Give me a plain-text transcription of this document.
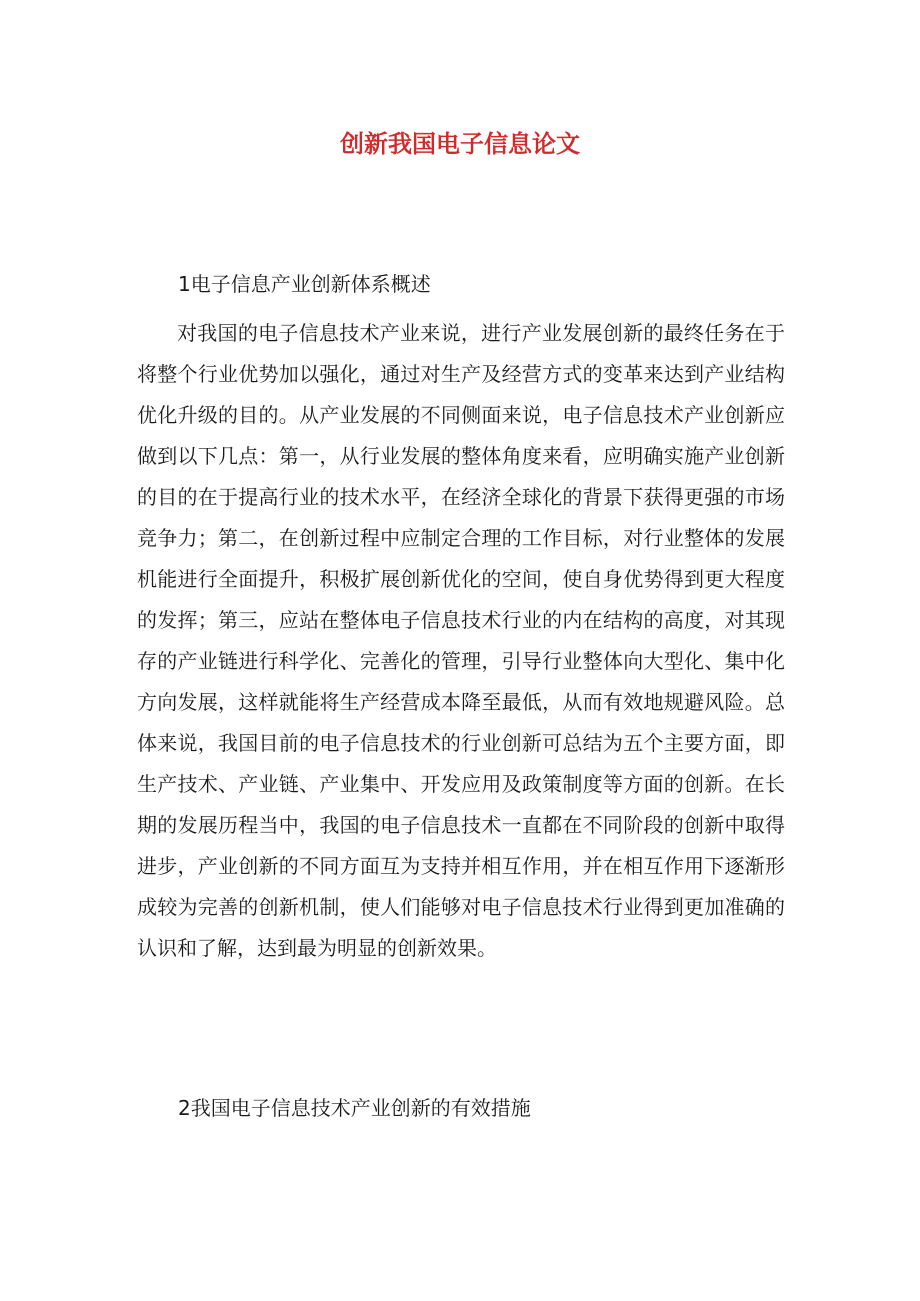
创新我国电子信息论文

1电子信息产业创新体系概述

对我国的电子信息技术产业来说，进行产业发展创新的最终任务在于将整个行业优势加以强化，通过对生产及经营方式的变革来达到产业结构优化升级的目的。从产业发展的不同侧面来说，电子信息技术产业创新应做到以下几点：第一，从行业发展的整体角度来看，应明确实施产业创新的目的在于提高行业的技术水平，在经济全球化的背景下获得更强的市场竞争力；第二，在创新过程中应制定合理的工作目标，对行业整体的发展机能进行全面提升，积极扩展创新优化的空间，使自身优势得到更大程度的发挥；第三，应站在整体电子信息技术行业的内在结构的高度，对其现存的产业链进行科学化、完善化的管理，引导行业整体向大型化、集中化方向发展，这样就能将生产经营成本降至最低，从而有效地规避风险。总体来说，我国目前的电子信息技术的行业创新可总结为五个主要方面，即生产技术、产业链、产业集中、开发应用及政策制度等方面的创新。在长期的发展历程当中，我国的电子信息技术一直都在不同阶段的创新中取得进步，产业创新的不同方面互为支持并相互作用，并在相互作用下逐渐形成较为完善的创新机制，使人们能够对电子信息技术行业得到更加准确的认识和了解，达到最为明显的创新效果。

2我国电子信息技术产业创新的有效措施
